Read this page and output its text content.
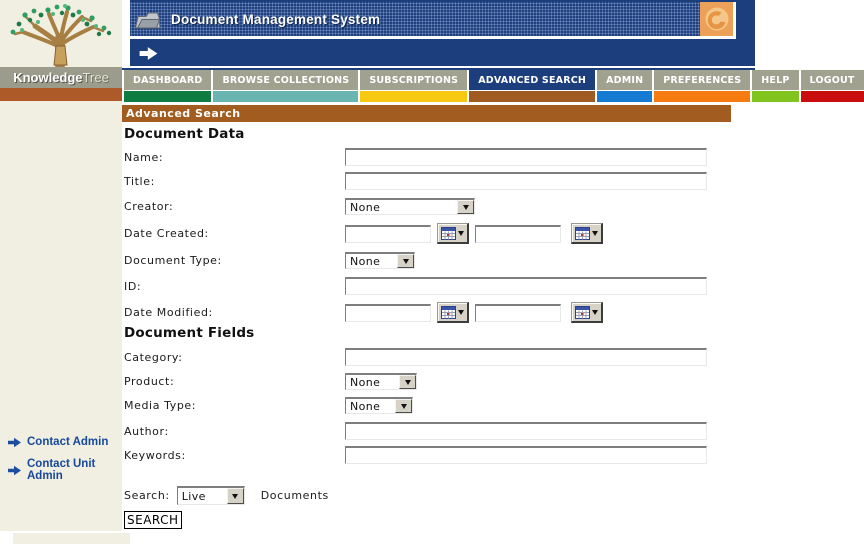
Knowledge Tree
Contact Admin
Contact Unit Admin
Document Management System
DASHBOARD	BROWSE COLLECTIONS	SUBSCRIPTIONS	ADVANCED SEARCH	ADMIN	PREFERENCES	HELP	LOGOUT
Advanced Search
Document Data
Name:
Title:
Creator:	None
Date Created:
Document Type:	None
ID:
Date Modified:
Document Fields
Category:
Product:	None
Media Type:	None
Author:
Keywords:
Search:	Live	Documents
SEARCH
